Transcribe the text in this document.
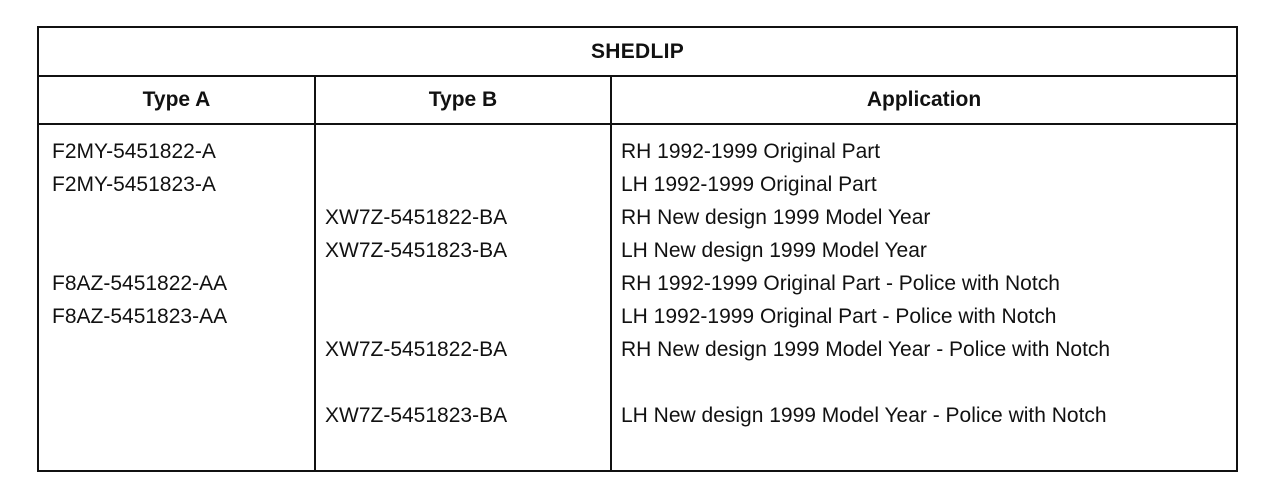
SHEDLIP
Type A	Type B	Application
F2MY-5451822-A
F2MY-5451823-A
F8AZ-5451822-AA
F8AZ-5451823-AA
XW7Z-5451822-BA
XW7Z-5451823-BA
XW7Z-5451822-BA
XW7Z-5451823-BA
RH 1992-1999 Original Part
LH 1992-1999 Original Part
RH New design 1999 Model Year
LH New design 1999 Model Year
RH 1992-1999 Original Part - Police with Notch
LH 1992-1999 Original Part - Police with Notch
RH New design 1999 Model Year - Police with Notch
LH New design 1999 Model Year - Police with Notch
